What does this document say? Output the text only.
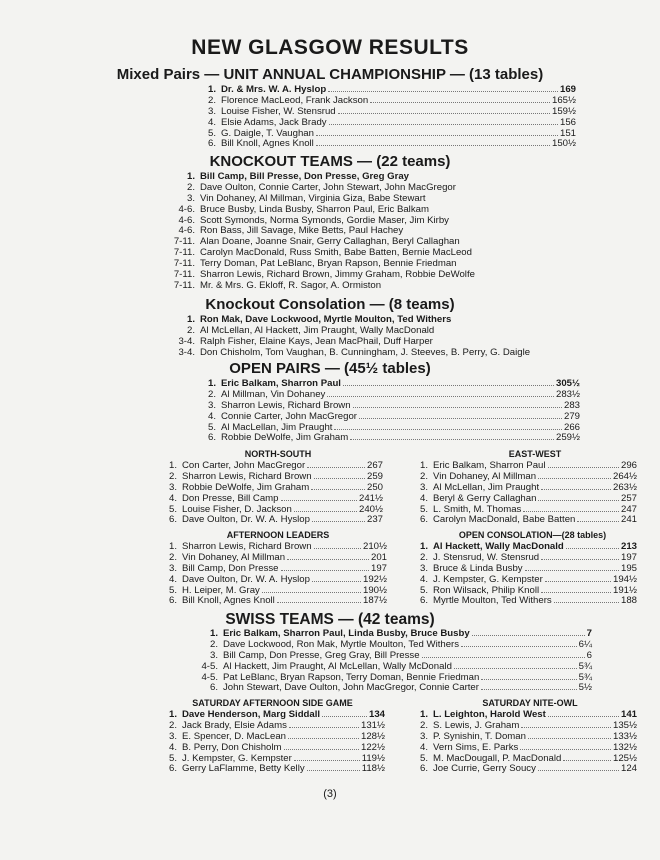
NEW GLASGOW RESULTS
Mixed Pairs — UNIT ANNUAL CHAMPIONSHIP — (13 tables)
1. Dr. & Mrs. W. A. Hyslop	169
2. Florence MacLeod, Frank Jackson	165½
3. Louise Fisher, W. Stensrud	159½
4. Elsie Adams, Jack Brady	156
5. G. Daigle, T. Vaughan	151
6. Bill Knoll, Agnes Knoll	150½
KNOCKOUT TEAMS — (22 teams)
1. Bill Camp, Bill Presse, Don Presse, Greg Gray
2. Dave Oulton, Connie Carter, John Stewart, John MacGregor
3. Vin Dohaney, Al Millman, Virginia Giza, Babe Stewart
4-6. Bruce Busby, Linda Busby, Sharron Paul, Eric Balkam
4-6. Scott Symonds, Norma Symonds, Gordie Maser, Jim Kirby
4-6. Ron Bass, Jill Savage, Mike Betts, Paul Hachey
7-11. Alan Doane, Joanne Snair, Gerry Callaghan, Beryl Callaghan
7-11. Carolyn MacDonald, Russ Smith, Babe Batten, Bernie MacLeod
7-11. Terry Doman, Pat LeBlanc, Bryan Rapson, Bennie Friedman
7-11. Sharron Lewis, Richard Brown, Jimmy Graham, Robbie DeWolfe
7-11. Mr. & Mrs. G. Ekloff, R. Sagor, A. Ormiston
Knockout Consolation — (8 teams)
1. Ron Mak, Dave Lockwood, Myrtle Moulton, Ted Withers
2. Al McLellan, Al Hackett, Jim Praught, Wally MacDonald
3-4. Ralph Fisher, Elaine Kays, Jean MacPhail, Duff Harper
3-4. Don Chisholm, Tom Vaughan, B. Cunningham, J. Steeves, B. Perry, G. Daigle
OPEN PAIRS — (45½ tables)
1. Eric Balkam, Sharron Paul	305½
2. Al Millman, Vin Dohaney	283½
3. Sharron Lewis, Richard Brown	283
4. Connie Carter, John MacGregor	279
5. Al MacLellan, Jim Praught	266
6. Robbie DeWolfe, Jim Graham	259½
NORTH-SOUTH
1. Con Carter, John MacGregor	267
2. Sharron Lewis, Richard Brown	259
3. Robbie DeWolfe, Jim Graham	250
4. Don Presse, Bill Camp	241½
5. Louise Fisher, D. Jackson	240½
6. Dave Oulton, Dr. W. A. Hyslop	237
EAST-WEST
1. Eric Balkam, Sharron Paul	296
2. Vin Dohaney, Al Millman	264½
3. Al McLellan, Jim Praught	263½
4. Beryl & Gerry Callaghan	257
5. L. Smith, M. Thomas	247
6. Carolyn MacDonald, Babe Batten	241
AFTERNOON LEADERS
1. Sharron Lewis, Richard Brown	210½
2. Vin Dohaney, Al Millman	201
3. Bill Camp, Don Presse	197
4. Dave Oulton, Dr. W. A. Hyslop	192½
5. H. Leiper, M. Gray	190½
6. Bill Knoll, Agnes Knoll	187½
OPEN CONSOLATION—(28 tables)
1. Al Hackett, Wally MacDonald	213
2. J. Stensrud, W. Stensrud	197
3. Bruce & Linda Busby	195
4. J. Kempster, G. Kempster	194½
5. Ron Wilsack, Philip Knoll	191½
6. Myrtle Moulton, Ted Withers	188
SWISS TEAMS — (42 teams)
1. Eric Balkam, Sharron Paul, Linda Busby, Bruce Busby	7
2. Dave Lockwood, Ron Mak, Myrtle Moulton, Ted Withers	6¼
3. Bill Camp, Don Presse, Greg Gray, Bill Presse	6
4-5. Al Hackett, Jim Praught, Al McLellan, Wally McDonald	5¾
4-5. Pat LeBlanc, Bryan Rapson, Terry Doman, Bennie Friedman	5¾
6. John Stewart, Dave Oulton, John MacGregor, Connie Carter	5½
SATURDAY AFTERNOON SIDE GAME
1. Dave Henderson, Marg Siddall	134
2. Jack Brady, Elsie Adams	131½
3. E. Spencer, D. MacLean	128½
4. B. Perry, Don Chisholm	122½
5. J. Kempster, G. Kempster	119½
6. Gerry LaFlamme, Betty Kelly	118½
SATURDAY NITE-OWL
1. L. Leighton, Harold West	141
2. S. Lewis, J. Graham	135½
3. P. Synishin, T. Doman	133½
4. Vern Sims, E. Parks	132½
5. M. MacDougall, P. MacDonald	125½
6. Joe Currie, Gerry Soucy	124
(3)
